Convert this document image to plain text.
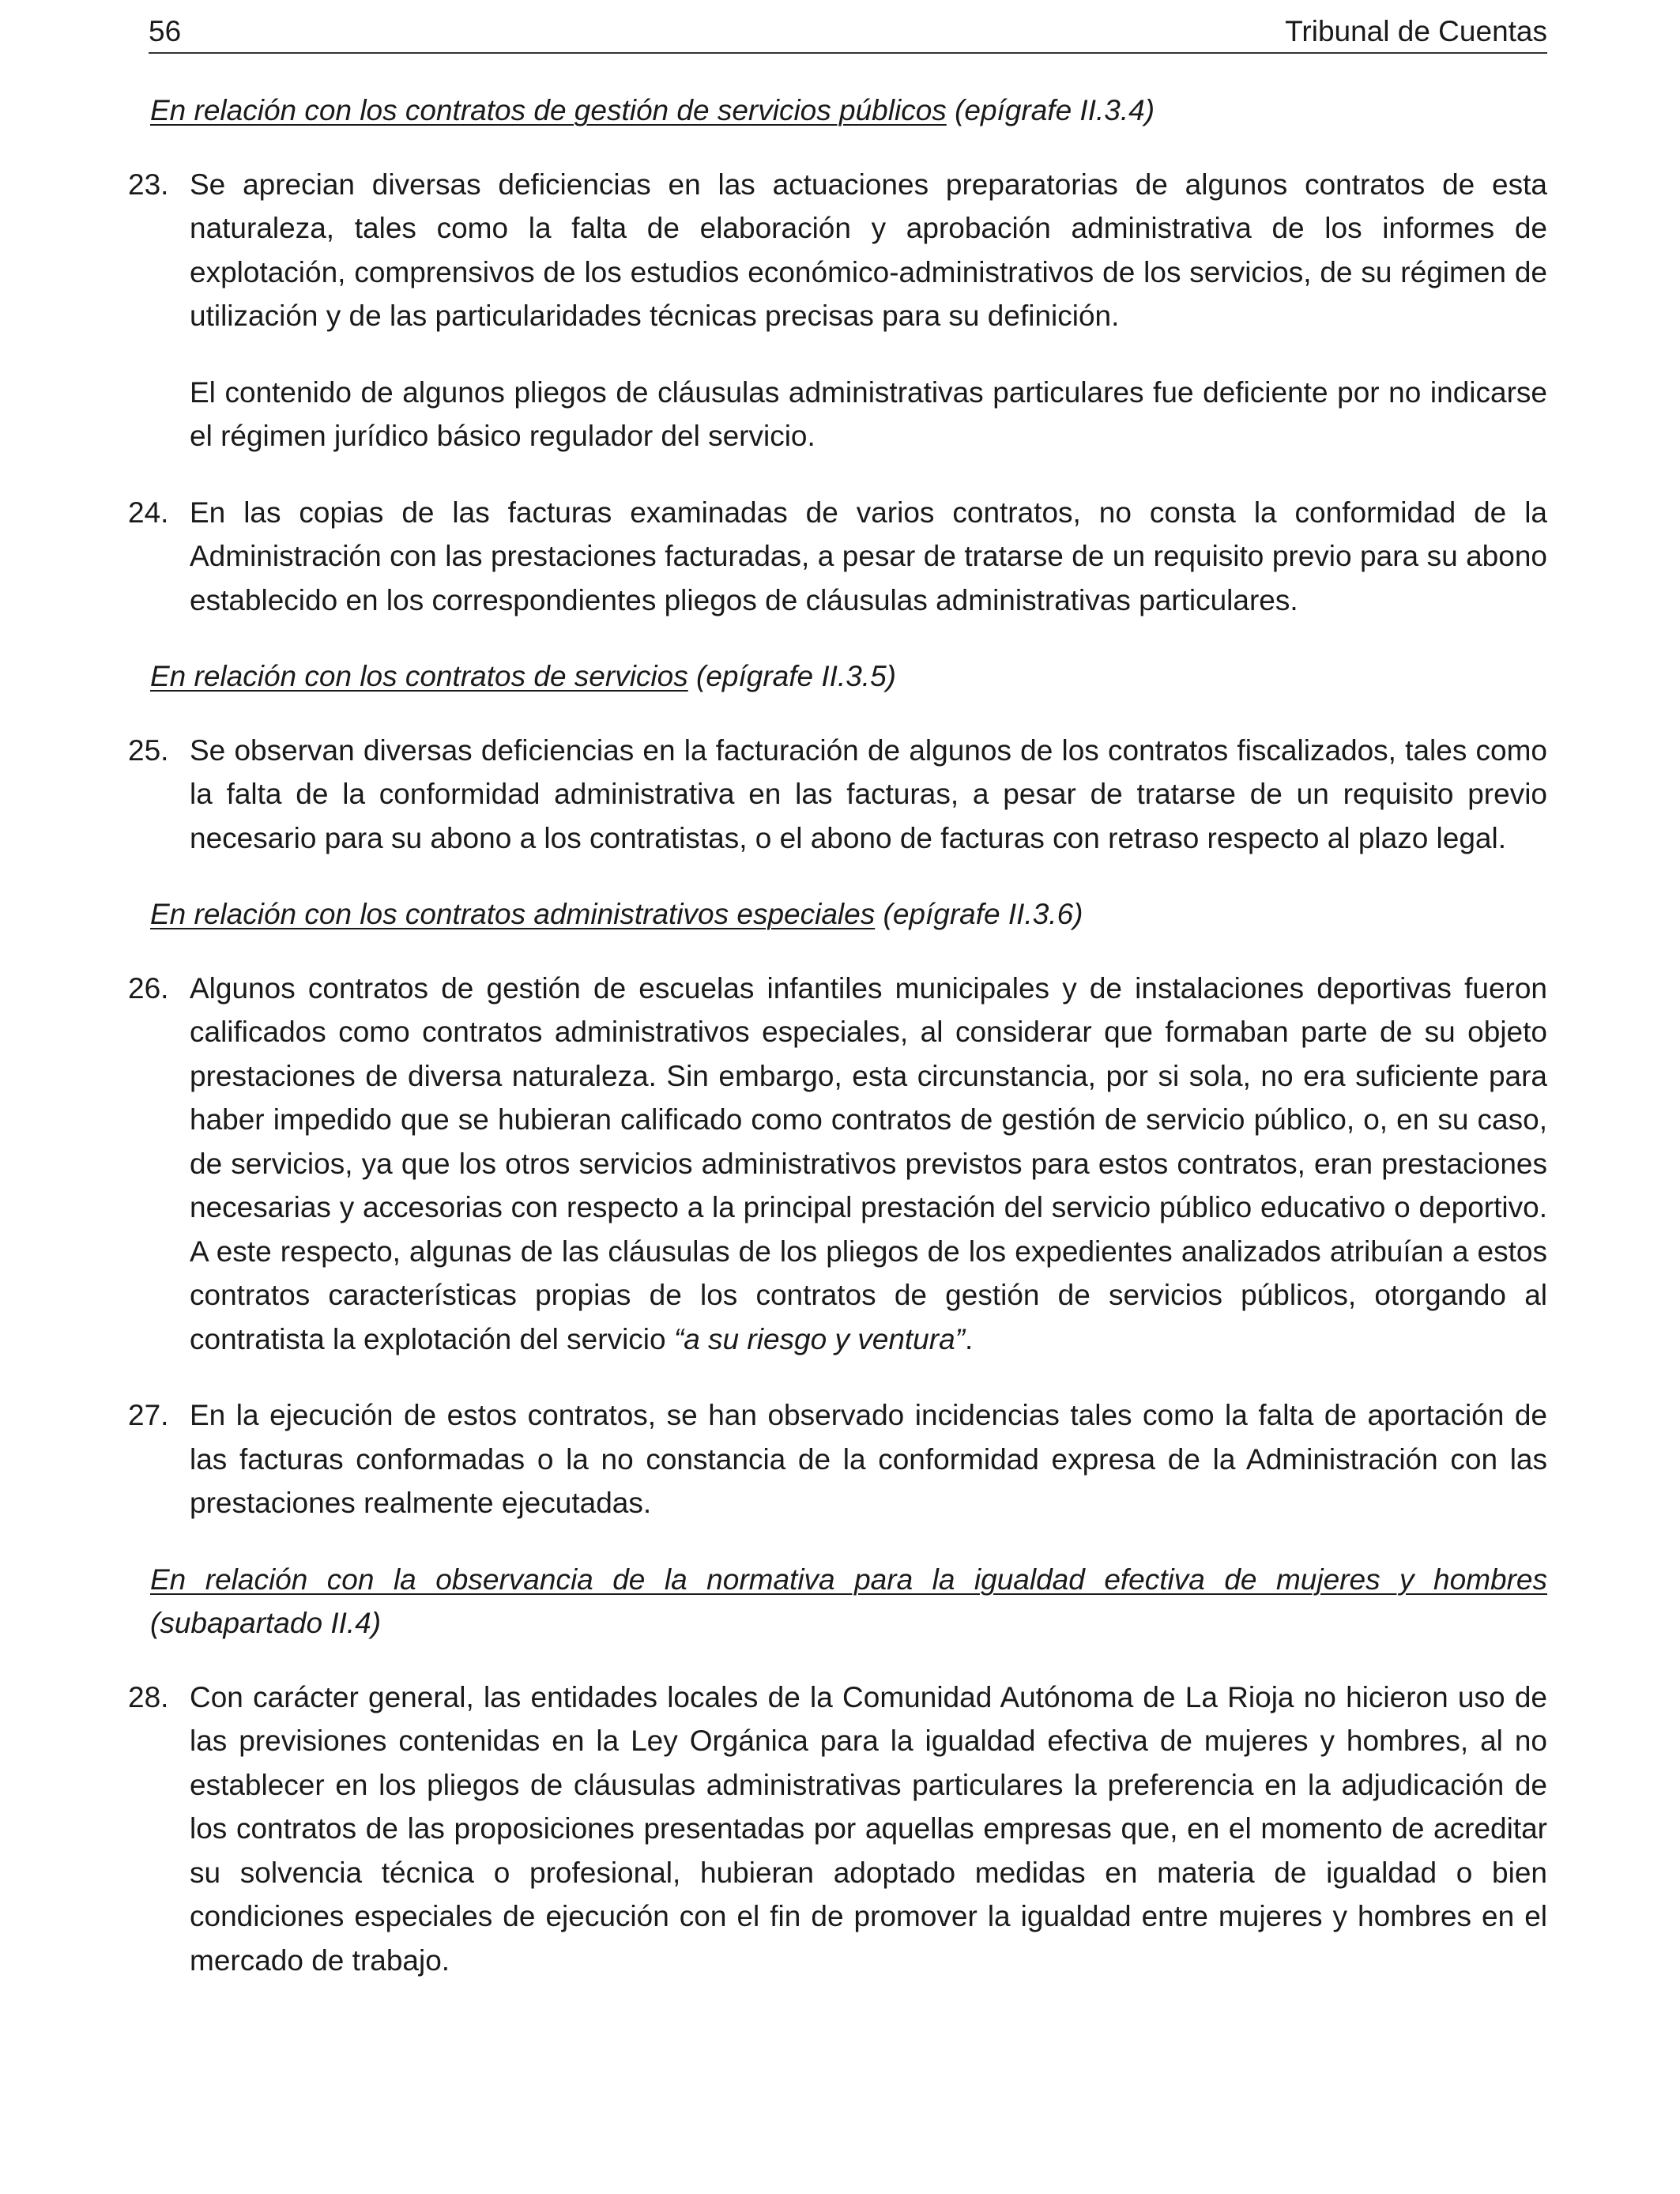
56	Tribunal de Cuentas

En relación con los contratos de gestión de servicios públicos (epígrafe II.3.4)

23. Se aprecian diversas deficiencias en las actuaciones preparatorias de algunos contratos de esta naturaleza, tales como la falta de elaboración y aprobación administrativa de los informes de explotación, comprensivos de los estudios económico-administrativos de los servicios, de su régimen de utilización y de las particularidades técnicas precisas para su definición.

El contenido de algunos pliegos de cláusulas administrativas particulares fue deficiente por no indicarse el régimen jurídico básico regulador del servicio.

24. En las copias de las facturas examinadas de varios contratos, no consta la conformidad de la Administración con las prestaciones facturadas, a pesar de tratarse de un requisito previo para su abono establecido en los correspondientes pliegos de cláusulas administrativas particulares.

En relación con los contratos de servicios (epígrafe II.3.5)

25. Se observan diversas deficiencias en la facturación de algunos de los contratos fiscalizados, tales como la falta de la conformidad administrativa en las facturas, a pesar de tratarse de un requisito previo necesario para su abono a los contratistas, o el abono de facturas con retraso respecto al plazo legal.

En relación con los contratos administrativos especiales (epígrafe II.3.6)

26. Algunos contratos de gestión de escuelas infantiles municipales y de instalaciones deportivas fueron calificados como contratos administrativos especiales, al considerar que formaban parte de su objeto prestaciones de diversa naturaleza. Sin embargo, esta circunstancia, por si sola, no era suficiente para haber impedido que se hubieran calificado como contratos de gestión de servicio público, o, en su caso, de servicios, ya que los otros servicios administrativos previstos para estos contratos, eran prestaciones necesarias y accesorias con respecto a la principal prestación del servicio público educativo o deportivo. A este respecto, algunas de las cláusulas de los pliegos de los expedientes analizados atribuían a estos contratos características propias de los contratos de gestión de servicios públicos, otorgando al contratista la explotación del servicio “a su riesgo y ventura”.

27. En la ejecución de estos contratos, se han observado incidencias tales como la falta de aportación de las facturas conformadas o la no constancia de la conformidad expresa de la Administración con las prestaciones realmente ejecutadas.

En relación con la observancia de la normativa para la igualdad efectiva de mujeres y hombres (subapartado II.4)

28. Con carácter general, las entidades locales de la Comunidad Autónoma de La Rioja no hicieron uso de las previsiones contenidas en la Ley Orgánica para la igualdad efectiva de mujeres y hombres, al no establecer en los pliegos de cláusulas administrativas particulares la preferencia en la adjudicación de los contratos de las proposiciones presentadas por aquellas empresas que, en el momento de acreditar su solvencia técnica o profesional, hubieran adoptado medidas en materia de igualdad o bien condiciones especiales de ejecución con el fin de promover la igualdad entre mujeres y hombres en el mercado de trabajo.
